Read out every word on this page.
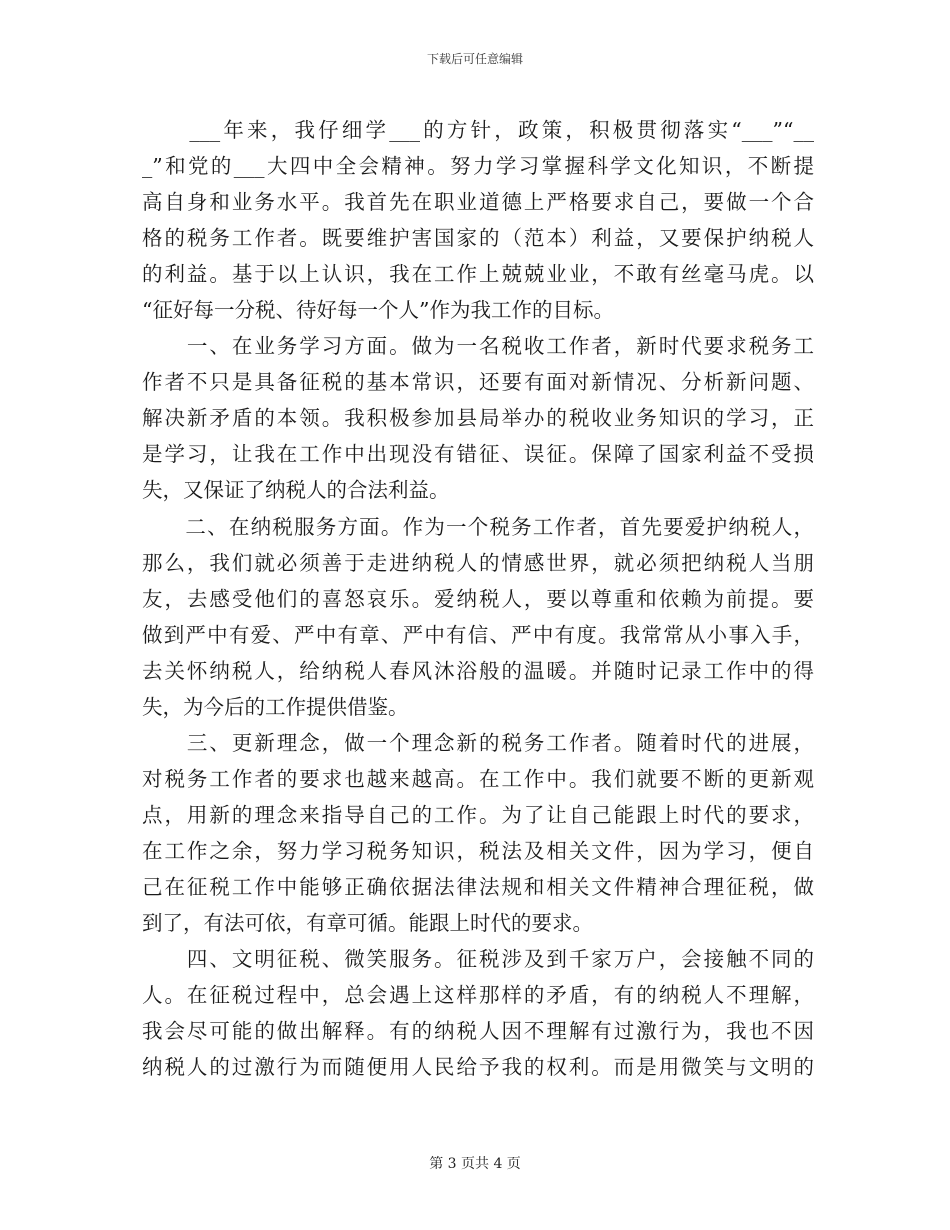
下载后可任意编辑
　　___年来，我仔细学___的方针，政策，积极贯彻落实“___”“__
_”和党的___大四中全会精神。努力学习掌握科学文化知识，不断提
高自身和业务水平。我首先在职业道德上严格要求自己，要做一个合
格的税务工作者。既要维护害国家的（范本）利益，又要保护纳税人
的利益。基于以上认识，我在工作上兢兢业业，不敢有丝毫马虎。以
“征好每一分税、待好每一个人”作为我工作的目标。
　　一、在业务学习方面。做为一名税收工作者，新时代要求税务工
作者不只是具备征税的基本常识，还要有面对新情况、分析新问题、
解决新矛盾的本领。我积极参加县局举办的税收业务知识的学习，正
是学习，让我在工作中出现没有错征、误征。保障了国家利益不受损
失，又保证了纳税人的合法利益。
　　二、在纳税服务方面。作为一个税务工作者，首先要爱护纳税人，
那么，我们就必须善于走进纳税人的情感世界，就必须把纳税人当朋
友，去感受他们的喜怒哀乐。爱纳税人，要以尊重和依赖为前提。要
做到严中有爱、严中有章、严中有信、严中有度。我常常从小事入手，
去关怀纳税人，给纳税人春风沐浴般的温暖。并随时记录工作中的得
失，为今后的工作提供借鉴。
　　三、更新理念，做一个理念新的税务工作者。随着时代的进展，
对税务工作者的要求也越来越高。在工作中。我们就要不断的更新观
点，用新的理念来指导自己的工作。为了让自己能跟上时代的要求，
在工作之余，努力学习税务知识，税法及相关文件，因为学习，便自
己在征税工作中能够正确依据法律法规和相关文件精神合理征税，做
到了，有法可依，有章可循。能跟上时代的要求。
　　四、文明征税、微笑服务。征税涉及到千家万户，会接触不同的
人。在征税过程中，总会遇上这样那样的矛盾，有的纳税人不理解，
我会尽可能的做出解释。有的纳税人因不理解有过激行为，我也不因
纳税人的过激行为而随便用人民给予我的权利。而是用微笑与文明的
第 3 页共 4 页
